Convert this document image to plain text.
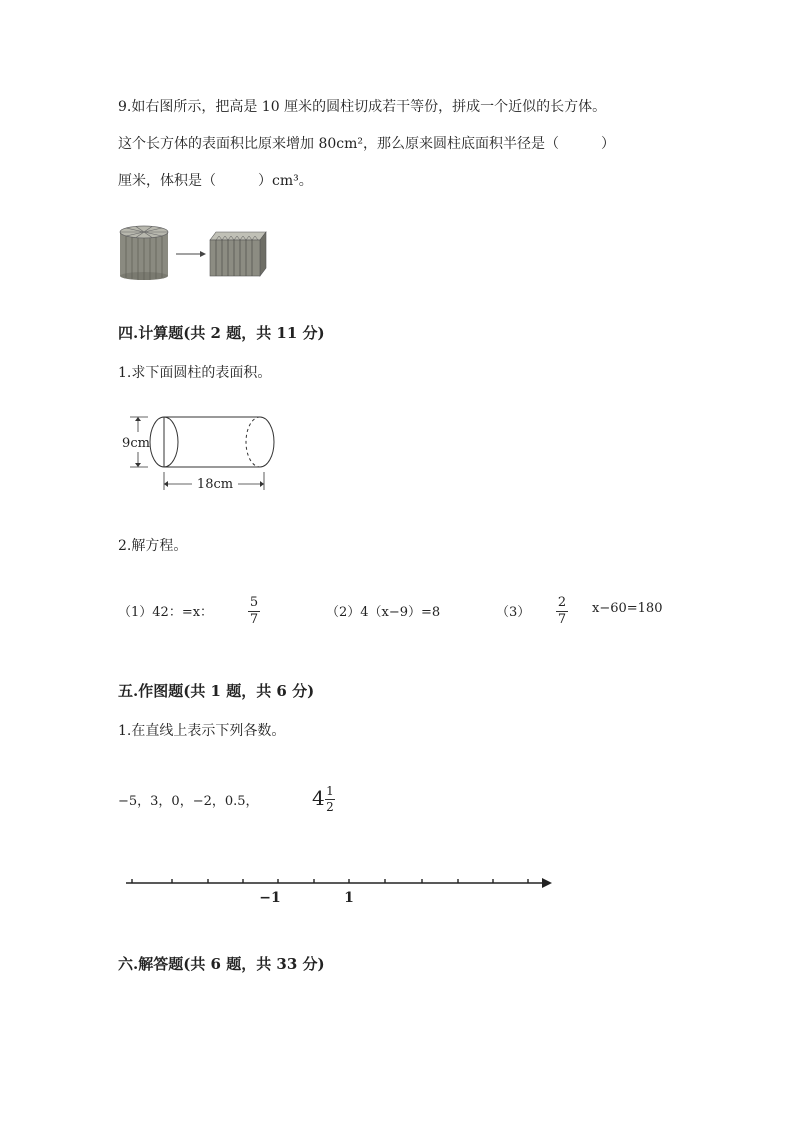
9.如右图所示，把高是 10 厘米的圆柱切成若干等份，拼成一个近似的长方体。
这个长方体的表面积比原来增加 80cm²，那么原来圆柱底面积半径是（　　　）
厘米，体积是（　　　）cm³。
四.计算题(共 2 题，共 11 分)
1.求下面圆柱的表面积。
9cm
18cm
2.解方程。
（1）42：=x：
5
7	（2）4（x−9）=8	（3）
2
7
x−60=180
五.作图题(共 1 题，共 6 分)
1.在直线上表示下列各数。
−5，3，0，−2，0.5，	4 1
2
−1	1
六.解答题(共 6 题，共 33 分)
